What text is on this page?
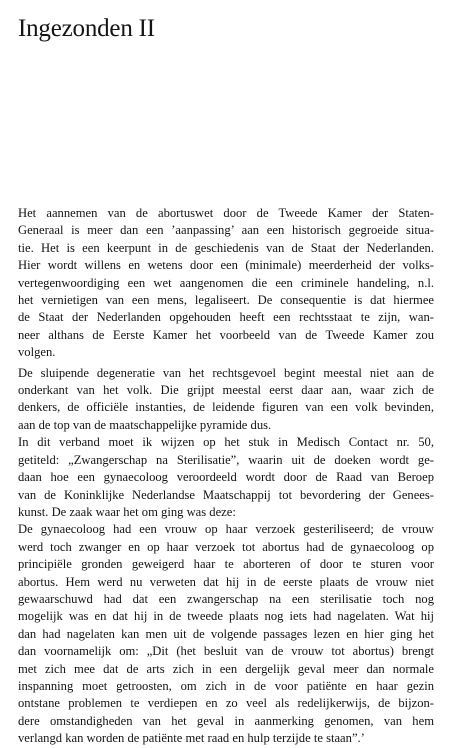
Ingezonden II
Het aannemen van de abortuswet door de Tweede Kamer der Staten-
Generaal is meer dan een ’aanpassing’ aan een historisch gegroeide situa-
tie. Het is een keerpunt in de geschiedenis van de Staat der Nederlanden.
Hier wordt willens en wetens door een (minimale) meerderheid der volks-
vertegenwoordiging een wet aangenomen die een criminele handeling, n.l.
het vernietigen van een mens, legaliseert. De consequentie is dat hiermee
de Staat der Nederlanden opgehouden heeft een rechtsstaat te zijn, wan-
neer althans de Eerste Kamer het voorbeeld van de Tweede Kamer zou
volgen.
De sluipende degeneratie van het rechtsgevoel begint meestal niet aan de
onderkant van het volk. Die grijpt meestal eerst daar aan, waar zich de
denkers, de officiële instanties, de leidende figuren van een volk bevinden,
aan de top van de maatschappelijke pyramide dus.
In dit verband moet ik wijzen op het stuk in Medisch Contact nr. 50,
getiteld: „Zwangerschap na Sterilisatie”, waarin uit de doeken wordt ge-
daan hoe een gynaecoloog veroordeeld wordt door de Raad van Beroep
van de Koninklijke Nederlandse Maatschappij tot bevordering der Genees-
kunst. De zaak waar het om ging was deze:
De gynaecoloog had een vrouw op haar verzoek gesteriliseerd; de vrouw
werd toch zwanger en op haar verzoek tot abortus had de gynaecoloog op
principiële gronden geweigerd haar te aborteren of door te sturen voor
abortus. Hem werd nu verweten dat hij in de eerste plaats de vrouw niet
gewaarschuwd had dat een zwangerschap na een sterilisatie toch nog
mogelijk was en dat hij in de tweede plaats nog iets had nagelaten. Wat hij
dan had nagelaten kan men uit de volgende passages lezen en hier ging het
dan voornamelijk om: „Dit (het besluit van de vrouw tot abortus) brengt
met zich mee dat de arts zich in een dergelijk geval meer dan normale
inspanning moet getroosten, om zich in de voor patiënte en haar gezin
ontstane problemen te verdiepen en zo veel als redelijkerwijs, de bijzon-
dere omstandigheden van het geval in aanmerking genomen, van hem
verlangd kan worden de patiënte met raad en hulp terzijde te staan”.’
